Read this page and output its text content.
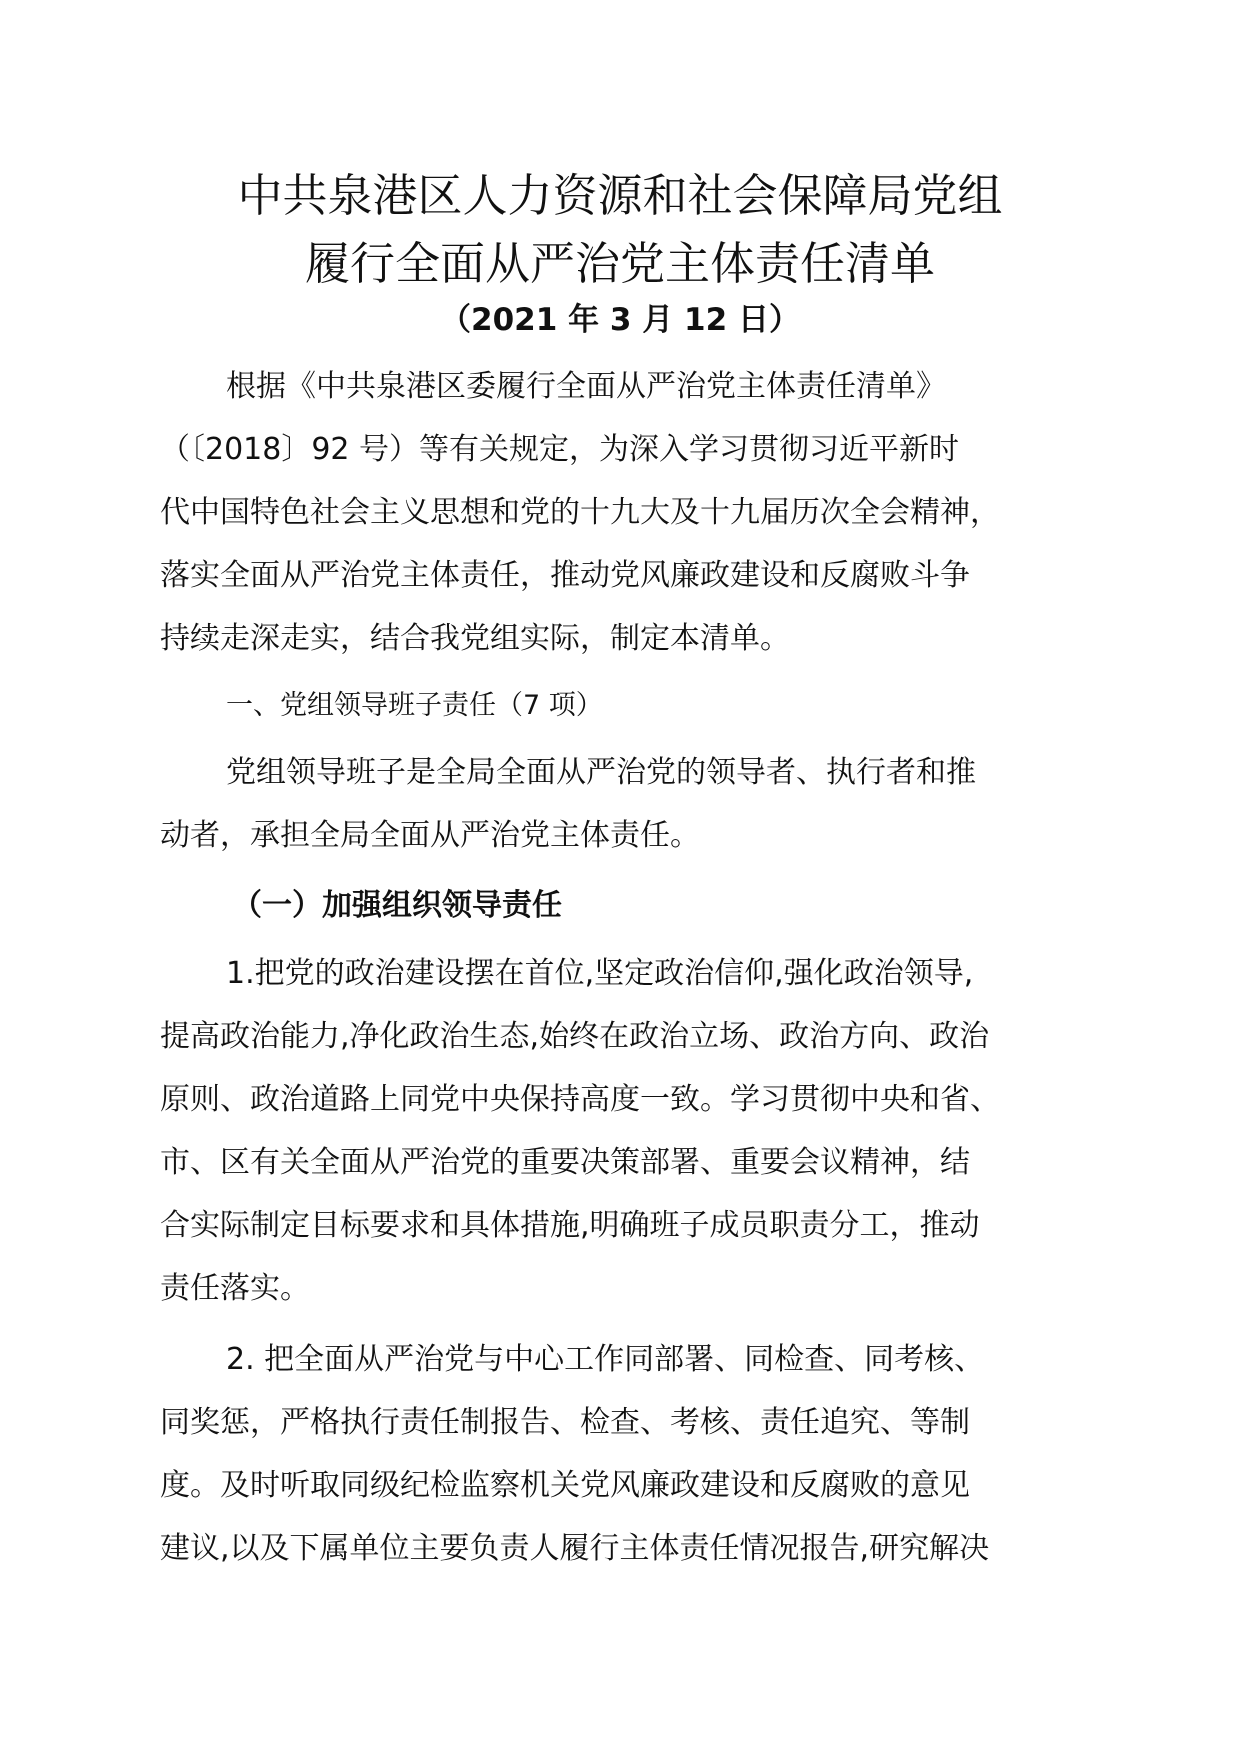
中共泉港区人力资源和社会保障局党组
履行全面从严治党主体责任清单
（2021 年 3 月 12 日）
根据《中共泉港区委履行全面从严治党主体责任清单》
（〔2018〕92 号）等有关规定，为深入学习贯彻习近平新时
代中国特色社会主义思想和党的十九大及十九届历次全会精神，
落实全面从严治党主体责任，推动党风廉政建设和反腐败斗争
持续走深走实，结合我党组实际，制定本清单。
一、党组领导班子责任（7 项）
党组领导班子是全局全面从严治党的领导者、执行者和推
动者，承担全局全面从严治党主体责任。
（一）加强组织领导责任
1.把党的政治建设摆在首位,坚定政治信仰,强化政治领导,
提高政治能力,净化政治生态,始终在政治立场、政治方向、政治
原则、政治道路上同党中央保持高度一致。学习贯彻中央和省、
市、区有关全面从严治党的重要决策部署、重要会议精神，结
合实际制定目标要求和具体措施,明确班子成员职责分工，推动
责任落实。
2. 把全面从严治党与中心工作同部署、同检查、同考核、
同奖惩，严格执行责任制报告、检查、考核、责任追究、等制
度。及时听取同级纪检监察机关党风廉政建设和反腐败的意见
建议,以及下属单位主要负责人履行主体责任情况报告,研究解决
